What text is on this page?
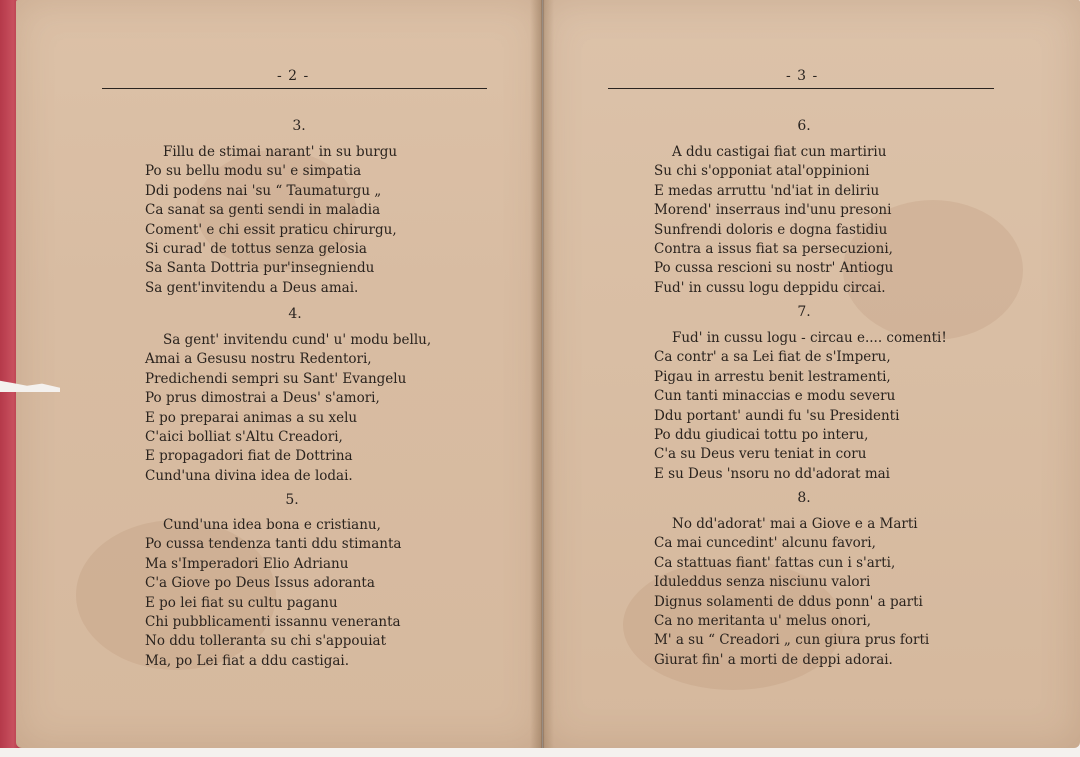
- 2 -
3.
Fillu de stimai narant' in su burgu
Po su bellu modu su' e simpatia
Ddi podens nai 'su “ Taumaturgu „
Ca sanat sa genti sendi in maladia
Coment' e chi essit praticu chirurgu,
Si curad' de tottus senza gelosia
Sa Santa Dottria pur'insegniendu
Sa gent'invitendu a Deus amai.
4.
Sa gent' invitendu cund' u' modu bellu,
Amai a Gesusu nostru Redentori,
Predichendi sempri su Sant' Evangelu
Po prus dimostrai a Deus' s'amori,
E po preparai animas a su xelu
C'aici bolliat s'Altu Creadori,
E propagadori fiat de Dottrina
Cund'una divina idea de lodai.
5.
Cund'una idea bona e cristianu,
Po cussa tendenza tanti ddu stimanta
Ma s'Imperadori Elio Adrianu
C'a Giove po Deus Issus adoranta
E po lei fiat su cultu paganu
Chi pubblicamenti issannu veneranta
No ddu tolleranta su chi s'appouiat
Ma, po Lei fiat a ddu castigai.
- 3 -
6.
A ddu castigai fiat cun martiriu
Su chi s'opponiat atal'oppinioni
E medas arruttu 'nd'iat in deliriu
Morend' inserraus ind'unu presoni
Sunfrendi doloris e dogna fastidiu
Contra a issus fiat sa persecuzioni,
Po cussa rescioni su nostr' Antiogu
Fud' in cussu logu deppidu circai.
7.
Fud' in cussu logu - circau e.... comenti!
Ca contr' a sa Lei fiat de s'Imperu,
Pigau in arrestu benit lestramenti,
Cun tanti minaccias e modu severu
Ddu portant' aundi fu 'su Presidenti
Po ddu giudicai tottu po interu,
C'a su Deus veru teniat in coru
E su Deus 'nsoru no dd'adorat mai
8.
No dd'adorat' mai a Giove e a Marti
Ca mai cuncedint' alcunu favori,
Ca stattuas fiant' fattas cun i s'arti,
Iduleddus senza nisciunu valori
Dignus solamenti de ddus ponn' a parti
Ca no meritanta u' melus onori,
M' a su “ Creadori „ cun giura prus forti
Giurat fin' a morti de deppi adorai.
